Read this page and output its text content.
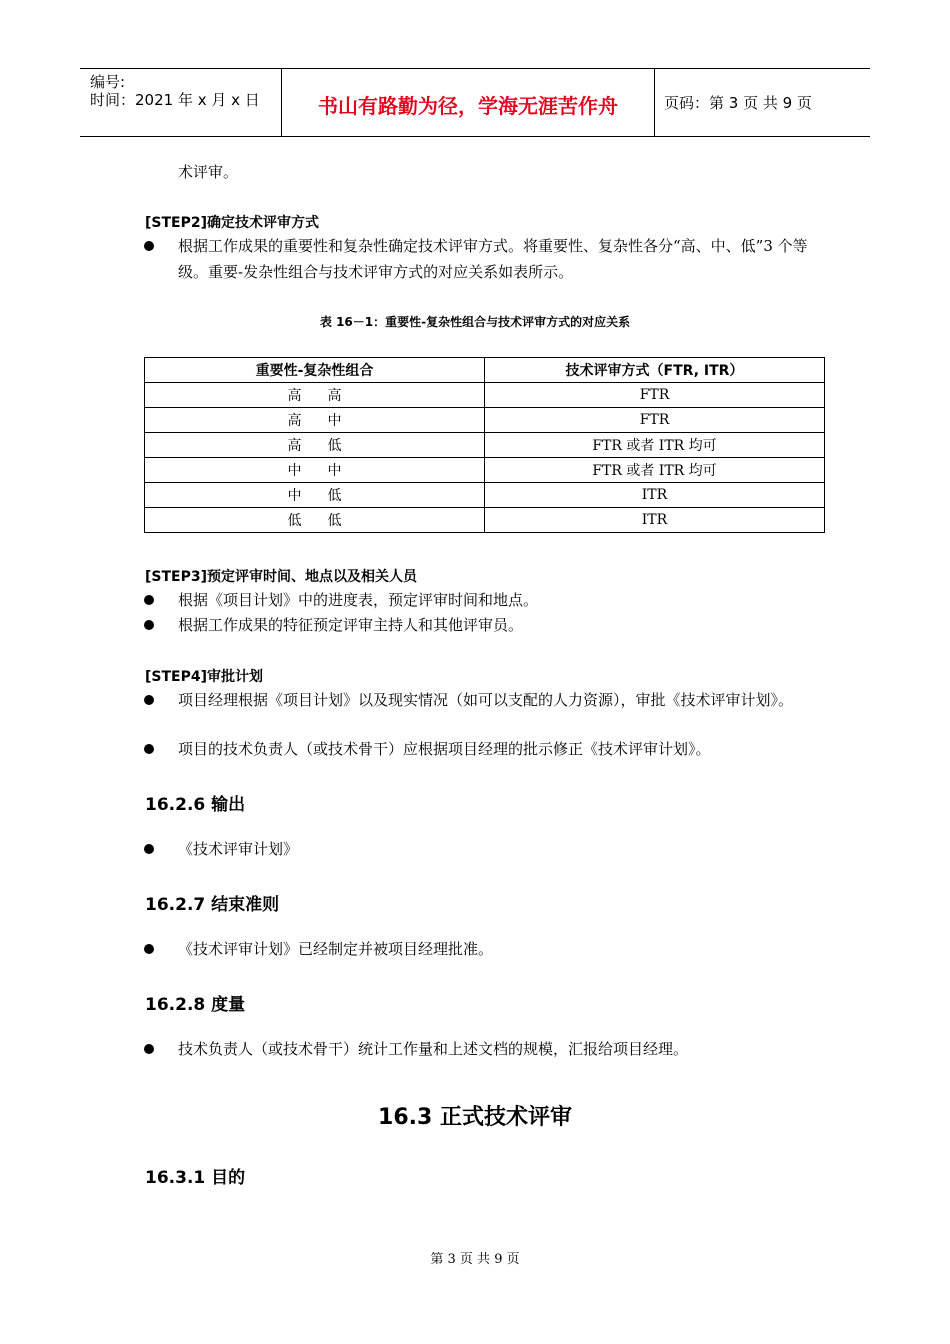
编号:
时间：2021 年 x 月 x 日	书山有路勤为径，学海无涯苦作舟	页码：第 3 页 共 9 页
术评审。
[STEP2]确定技术评审方式
根据工作成果的重要性和复杂性确定技术评审方式。将重要性、复杂性各分“高、中、低”3 个等级。重要-发杂性组合与技术评审方式的对应关系如表所示。
表 16－1：重要性-复杂性组合与技术评审方式的对应关系
重要性-复杂性组合	技术评审方式（FTR, ITR）
高 高	FTR
高 中	FTR
高 低	FTR 或者 ITR 均可
中 中	FTR 或者 ITR 均可
中 低	ITR
低 低	ITR
[STEP3]预定评审时间、地点以及相关人员
根据《项目计划》中的进度表，预定评审时间和地点。
根据工作成果的特征预定评审主持人和其他评审员。
[STEP4]审批计划
项目经理根据《项目计划》以及现实情况（如可以支配的人力资源），审批《技术评审计划》。
项目的技术负责人（或技术骨干）应根据项目经理的批示修正《技术评审计划》。
16.2.6 输出
《技术评审计划》
16.2.7 结束准则
《技术评审计划》已经制定并被项目经理批准。
16.2.8 度量
技术负责人（或技术骨干）统计工作量和上述文档的规模，汇报给项目经理。
16.3 正式技术评审
16.3.1 目的
第 3 页 共 9 页
